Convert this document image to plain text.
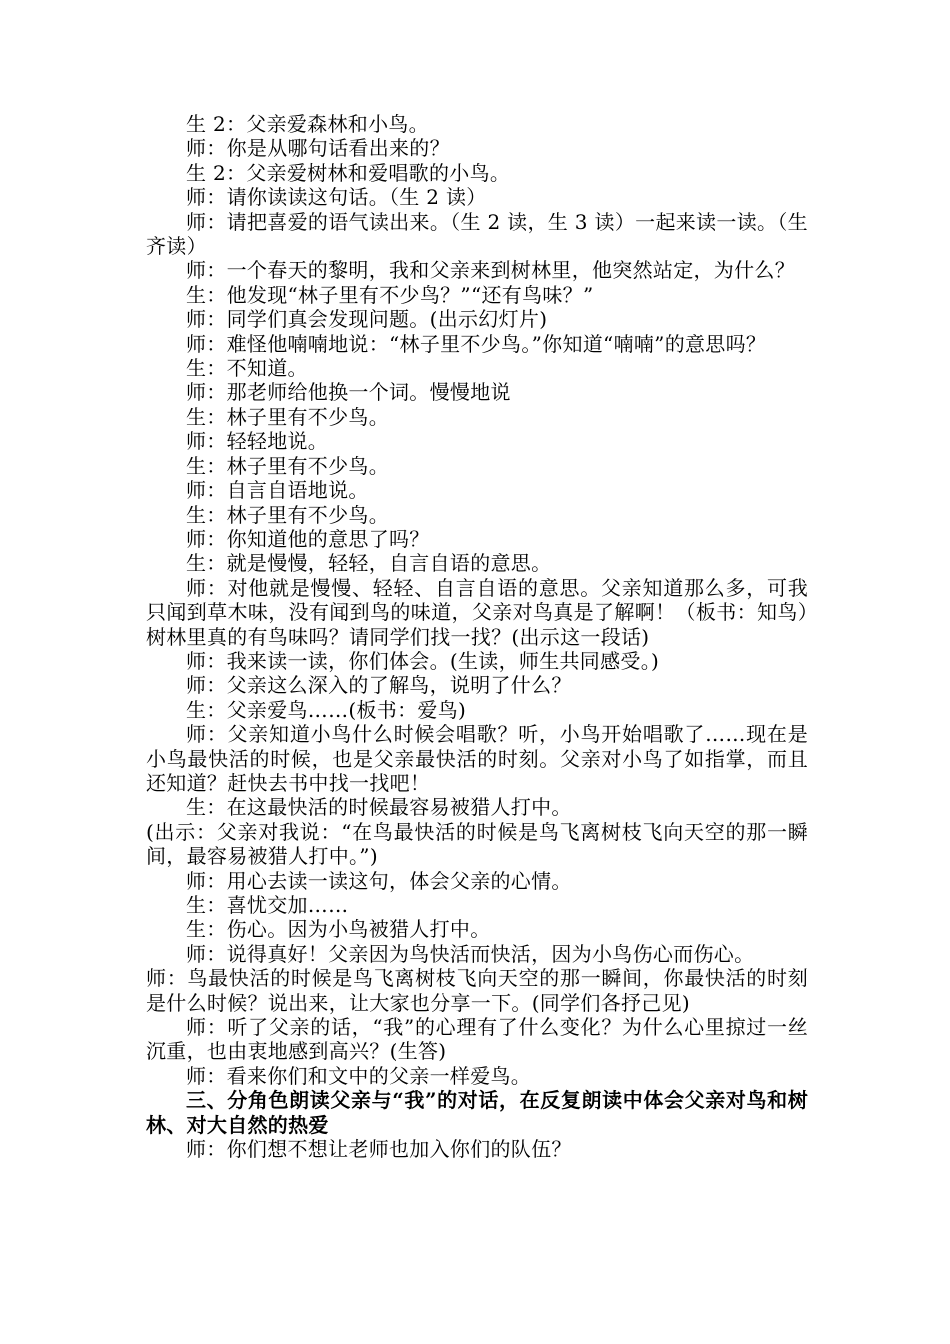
生 2：父亲爱森林和小鸟。

师：你是从哪句话看出来的？

生 2：父亲爱树林和爱唱歌的小鸟。

师：请你读读这句话。（生 2 读）

师：请把喜爱的语气读出来。（生 2 读，生 3 读）一起来读一读。（生齐读）

师：一个春天的黎明，我和父亲来到树林里，他突然站定，为什么？

生：他发现“林子里有不少鸟？”“还有鸟味？”

师：同学们真会发现问题。(出示幻灯片)

师：难怪他喃喃地说：“林子里不少鸟。”你知道“喃喃”的意思吗？

生：不知道。

师：那老师给他换一个词。慢慢地说

生：林子里有不少鸟。

师：轻轻地说。

生：林子里有不少鸟。

师：自言自语地说。

生：林子里有不少鸟。

师：你知道他的意思了吗？

生：就是慢慢，轻轻，自言自语的意思。

师：对他就是慢慢、轻轻、自言自语的意思。父亲知道那么多，可我只闻到草木味，没有闻到鸟的味道，父亲对鸟真是了解啊！（板书：知鸟）树林里真的有鸟味吗？请同学们找一找？(出示这一段话)

师：我来读一读，你们体会。(生读，师生共同感受。)

师：父亲这么深入的了解鸟，说明了什么？

生：父亲爱鸟……(板书：爱鸟)

师：父亲知道小鸟什么时候会唱歌？听，小鸟开始唱歌了……现在是小鸟最快活的时候，也是父亲最快活的时刻。父亲对小鸟了如指掌，而且还知道？赶快去书中找一找吧！

生：在这最快活的时候最容易被猎人打中。

(出示：父亲对我说：“在鸟最快活的时候是鸟飞离树枝飞向天空的那一瞬间，最容易被猎人打中。”)

师：用心去读一读这句，体会父亲的心情。

生：喜忧交加……

生：伤心。因为小鸟被猎人打中。

师：说得真好！父亲因为鸟快活而快活，因为小鸟伤心而伤心。

师：鸟最快活的时候是鸟飞离树枝飞向天空的那一瞬间，你最快活的时刻是什么时候？说出来，让大家也分享一下。(同学们各抒己见)

师：听了父亲的话，“我”的心理有了什么变化？为什么心里掠过一丝沉重，也由衷地感到高兴？(生答)

师：看来你们和文中的父亲一样爱鸟。

三、分角色朗读父亲与“我”的对话，在反复朗读中体会父亲对鸟和树林、对大自然的热爱

师：你们想不想让老师也加入你们的队伍？
